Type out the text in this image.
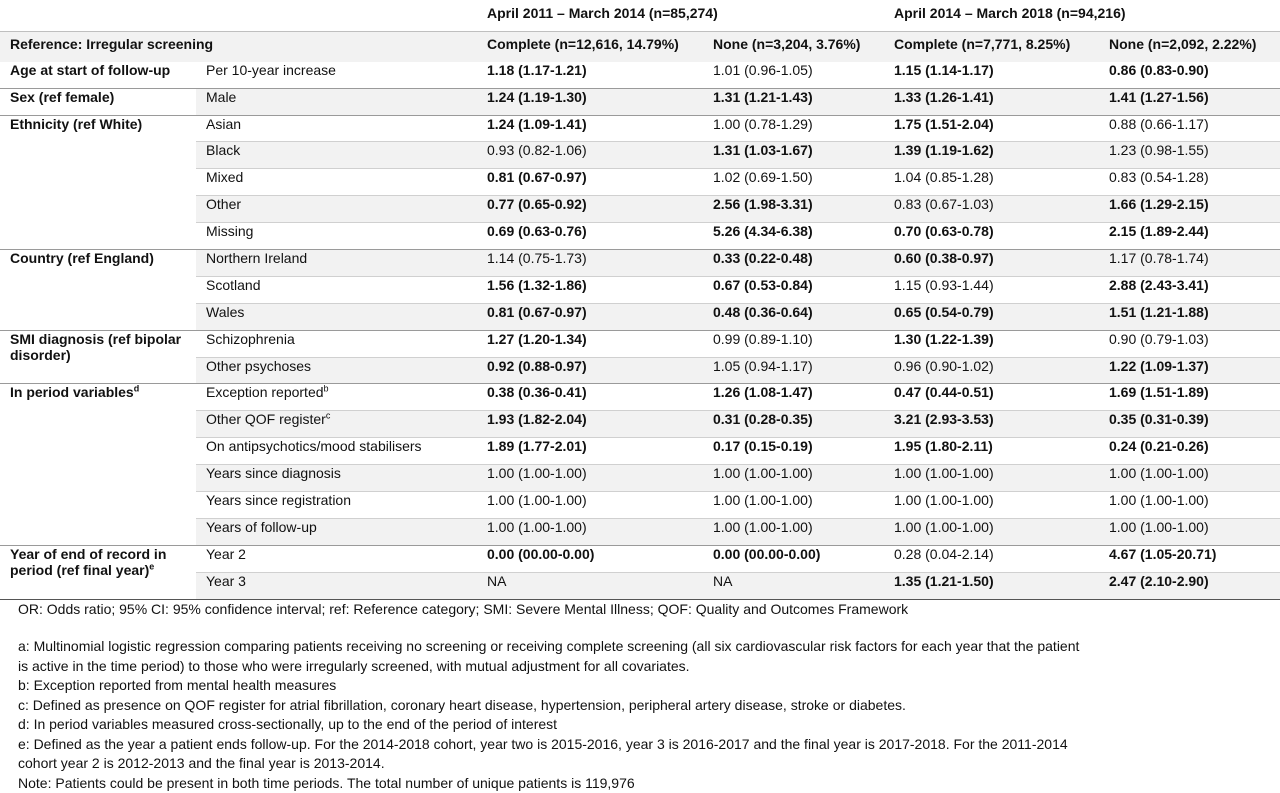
		April 2011 – March 2014 (n=85,274)		April 2014 – March 2018 (n=94,216)	
Reference: Irregular screening		Complete (n=12,616, 14.79%)	None (n=3,204, 3.76%)	Complete (n=7,771, 8.25%)	None (n=2,092, 2.22%)
Age at start of follow-up	Per 10-year increase	1.18 (1.17-1.21)	1.01 (0.96-1.05)	1.15 (1.14-1.17)	0.86 (0.83-0.90)
Sex (ref female)	Male	1.24 (1.19-1.30)	1.31 (1.21-1.43)	1.33 (1.26-1.41)	1.41 (1.27-1.56)
Ethnicity (ref White)	Asian	1.24 (1.09-1.41)	1.00 (0.78-1.29)	1.75 (1.51-2.04)	0.88 (0.66-1.17)
	Black	0.93 (0.82-1.06)	1.31 (1.03-1.67)	1.39 (1.19-1.62)	1.23 (0.98-1.55)
	Mixed	0.81 (0.67-0.97)	1.02 (0.69-1.50)	1.04 (0.85-1.28)	0.83 (0.54-1.28)
	Other	0.77 (0.65-0.92)	2.56 (1.98-3.31)	0.83 (0.67-1.03)	1.66 (1.29-2.15)
	Missing	0.69 (0.63-0.76)	5.26 (4.34-6.38)	0.70 (0.63-0.78)	2.15 (1.89-2.44)
Country (ref England)	Northern Ireland	1.14 (0.75-1.73)	0.33 (0.22-0.48)	0.60 (0.38-0.97)	1.17 (0.78-1.74)
	Scotland	1.56 (1.32-1.86)	0.67 (0.53-0.84)	1.15 (0.93-1.44)	2.88 (2.43-3.41)
	Wales	0.81 (0.67-0.97)	0.48 (0.36-0.64)	0.65 (0.54-0.79)	1.51 (1.21-1.88)
SMI diagnosis (ref bipolar disorder)	Schizophrenia	1.27 (1.20-1.34)	0.99 (0.89-1.10)	1.30 (1.22-1.39)	0.90 (0.79-1.03)
	Other psychoses	0.92 (0.88-0.97)	1.05 (0.94-1.17)	0.96 (0.90-1.02)	1.22 (1.09-1.37)
In period variables$^d$	Exception reported$^b$	0.38 (0.36-0.41)	1.26 (1.08-1.47)	0.47 (0.44-0.51)	1.69 (1.51-1.89)
	Other QOF register$^c$	1.93 (1.82-2.04)	0.31 (0.28-0.35)	3.21 (2.93-3.53)	0.35 (0.31-0.39)
	On antipsychotics/mood stabilisers	1.89 (1.77-2.01)	0.17 (0.15-0.19)	1.95 (1.80-2.11)	0.24 (0.21-0.26)
	Years since diagnosis	1.00 (1.00-1.00)	1.00 (1.00-1.00)	1.00 (1.00-1.00)	1.00 (1.00-1.00)
	Years since registration	1.00 (1.00-1.00)	1.00 (1.00-1.00)	1.00 (1.00-1.00)	1.00 (1.00-1.00)
	Years of follow-up	1.00 (1.00-1.00)	1.00 (1.00-1.00)	1.00 (1.00-1.00)	1.00 (1.00-1.00)
Year of end of record in period (ref final year)$^e$	Year 2	0.00 (00.00-0.00)	0.00 (00.00-0.00)	0.28 (0.04-2.14)	4.67 (1.05-20.71)
	Year 3	NA	NA	1.35 (1.21-1.50)	2.47 (2.10-2.90)

OR: Odds ratio; 95% CI: 95% confidence interval; ref: Reference category; SMI: Severe Mental Illness; QOF: Quality and Outcomes Framework

a: Multinomial logistic regression comparing patients receiving no screening or receiving complete screening (all six cardiovascular risk factors for each year that the patient

is active in the time period) to those who were irregularly screened, with mutual adjustment for all covariates.

b: Exception reported from mental health measures

c: Defined as presence on QOF register for atrial fibrillation, coronary heart disease, hypertension, peripheral artery disease, stroke or diabetes.

d: In period variables measured cross-sectionally, up to the end of the period of interest

e: Defined as the year a patient ends follow-up. For the 2014-2018 cohort, year two is 2015-2016, year 3 is 2016-2017 and the final year is 2017-2018. For the 2011-2014

cohort year 2 is 2012-2013 and the final year is 2013-2014.

Note: Patients could be present in both time periods. The total number of unique patients is 119,976
